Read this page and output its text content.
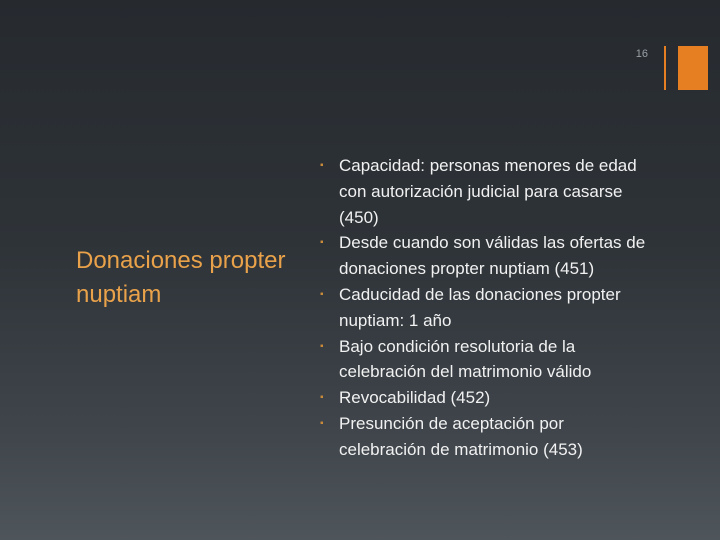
16
Donaciones propter nuptiam
▪ Capacidad: personas menores de edad con autorización judicial para casarse (450)
▪ Desde cuando son válidas las ofertas de donaciones propter nuptiam (451)
▪ Caducidad de las donaciones propter nuptiam: 1 año
▪ Bajo condición resolutoria de la celebración del matrimonio válido
▪ Revocabilidad (452)
▪ Presunción de aceptación por celebración de matrimonio (453)
